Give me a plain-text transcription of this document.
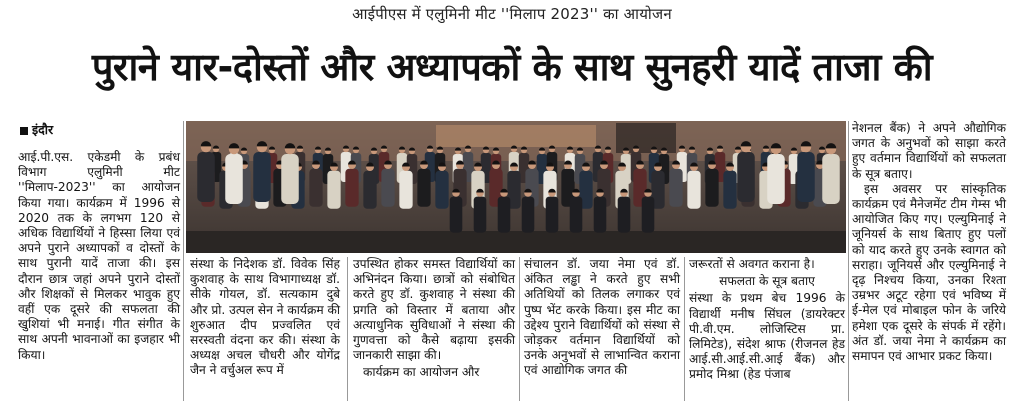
आईपीएस में एलुमिनी मीट ''मिलाप 2023'' का आयोजन
पुराने यार-दोस्तों और अध्यापकों के साथ सुनहरी यादें ताजा की
इंदौर

आई.पी.एस. एकेडमी के प्रबंध विभाग एलुमिनी मीट ''मिलाप-2023'' का आयोजन किया गया। कार्यक्रम में 1996 से 2020 तक के लगभग 120 से अधिक विद्यार्थियों ने हिस्सा लिया एवं अपने पुराने अध्यापकों व दोस्तों के साथ पुरानी यादें ताजा की। इस दौरान छात्र जहां अपने पुराने दोस्तों और शिक्षकों से मिलकर भावुक हुए वहीं एक दूसरे की सफलता की खुशियां भी मनाई। गीत संगीत के साथ अपनी भावनाओं का इजहार भी किया।

संस्था के निदेशक डॉ. विवेक सिंह कुशवाह के साथ विभागाध्यक्ष डॉ. सीके गोयल, डॉ. सत्यकाम दुबे और प्रो. उत्पल सेन ने कार्यक्रम की शुरुआत दीप प्रज्वलित एवं सरस्वती वंदना कर की। संस्था के अध्यक्ष अचल चौधरी और योगेंद्र जैन ने वर्चुअल रूप में

उपस्थित होकर समस्त विद्यार्थियों का अभिनंदन किया। छात्रों को संबोधित करते हुए डॉ. कुशवाह ने संस्था की प्रगति को विस्तार में बताया और अत्याधुनिक सुविधाओं ने संस्था की गुणवत्ता को कैसे बढ़ाया इसकी जानकारी साझा की।

कार्यक्रम का आयोजन और

संचालन डॉ. जया नेमा एवं डॉ. अंकित लड्ढा ने करते हुए सभी अतिथियों को तिलक लगाकर एवं पुष्प भेंट करके किया। इस मीट का उद्देश्य पुराने विद्यार्थियों को संस्था से जोड़कर वर्तमान विद्यार्थियों को उनके अनुभवों से लाभान्वित कराना एवं आद्योगिक जगत की

जरूरतों से अवगत कराना है।

सफलता के सूत्र बताए

संस्था के प्रथम बेच 1996 के विद्यार्थी मनीष सिंघल (डायरेक्टर पी.वी.एम. लोजिस्टिस प्रा. लिमिटेड), संदेश श्राफ (रीजनल हेड आई.सी.आई.सी.आई बैंक) और प्रमोद मिश्रा (हेड पंजाब

नेशनल बैंक) ने अपने औद्योगिक जगत के अनुभवों को साझा करते हुए वर्तमान विद्यार्थियों को सफलता के सूत्र बताए।

इस अवसर पर सांस्कृतिक कार्यक्रम एवं मैनेजमेंट टीम गेम्स भी आयोजित किए गए। एल्युमिनाई ने जूनियर्स के साथ बिताए हुए पलों को याद करते हुए उनके स्वागत को सराहा। जूनियर्स और एल्युमिनाई ने दृढ़ निश्चय किया, उनका रिश्ता उम्रभर अटूट रहेगा एवं भविष्य में ई-मेल एवं मोबाइल फोन के जरिये हमेशा एक दूसरे के संपर्क में रहेंगे। अंत डॉ. जया नेमा ने कार्यक्रम का समापन एवं आभार प्रकट किया।
